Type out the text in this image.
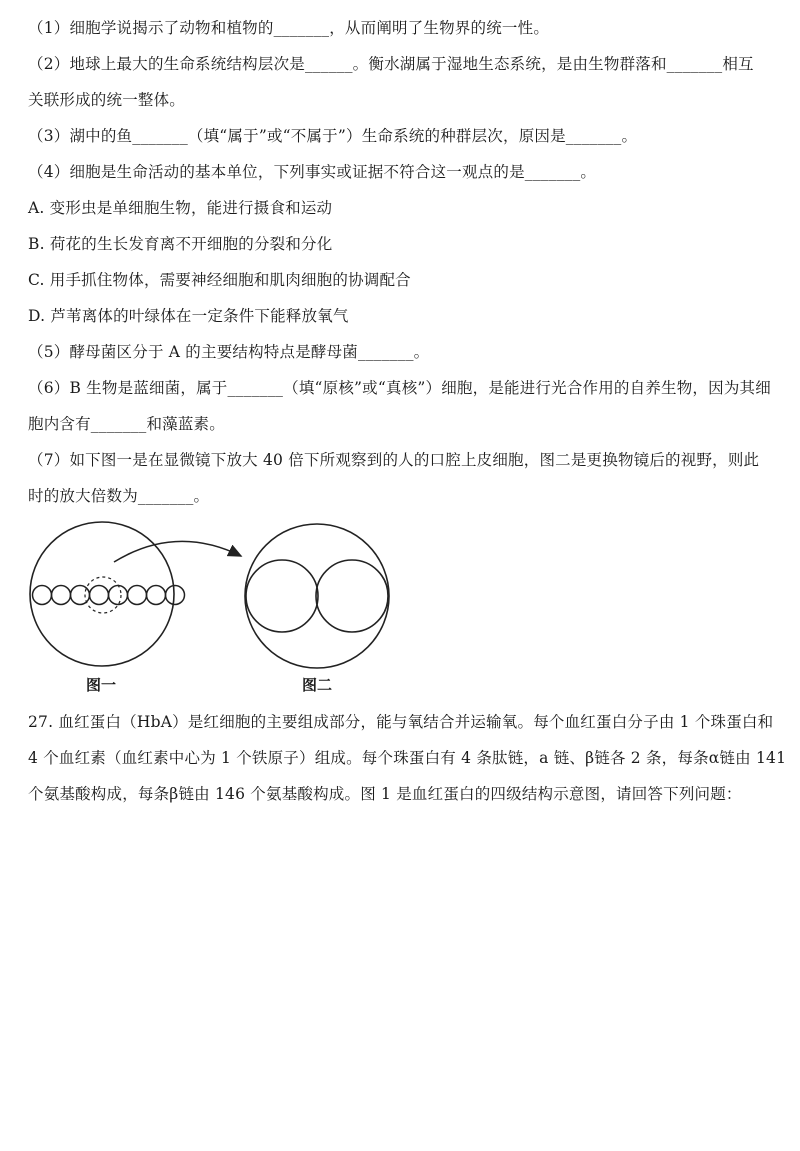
（1）细胞学说揭示了动物和植物的_______，从而阐明了生物界的统一性。
（2）地球上最大的生命系统结构层次是______。衡水湖属于湿地生态系统，是由生物群落和_______相互
关联形成的统一整体。
（3）湖中的鱼_______（填“属于”或“不属于”）生命系统的种群层次，原因是_______。
（4）细胞是生命活动的基本单位，下列事实或证据不符合这一观点的是_______。
A. 变形虫是单细胞生物，能进行摄食和运动
B. 荷花的生长发育离不开细胞的分裂和分化
C. 用手抓住物体，需要神经细胞和肌肉细胞的协调配合
D. 芦苇离体的叶绿体在一定条件下能释放氧气
（5）酵母菌区分于 A 的主要结构特点是酵母菌_______。
（6）B 生物是蓝细菌，属于_______（填“原核”或“真核”）细胞，是能进行光合作用的自养生物，因为其细
胞内含有_______和藻蓝素。
（7）如下图一是在显微镜下放大 40 倍下所观察到的人的口腔上皮细胞，图二是更换物镜后的视野，则此
时的放大倍数为_______。
图一	图二
27. 血红蛋白（HbA）是红细胞的主要组成部分，能与氧结合并运输氧。每个血红蛋白分子由 1 个珠蛋白和
4 个血红素（血红素中心为 1 个铁原子）组成。每个珠蛋白有 4 条肽链，a 链、β链各 2 条，每条α链由 141
个氨基酸构成，每条β链由 146 个氨基酸构成。图 1 是血红蛋白的四级结构示意图，请回答下列问题：
